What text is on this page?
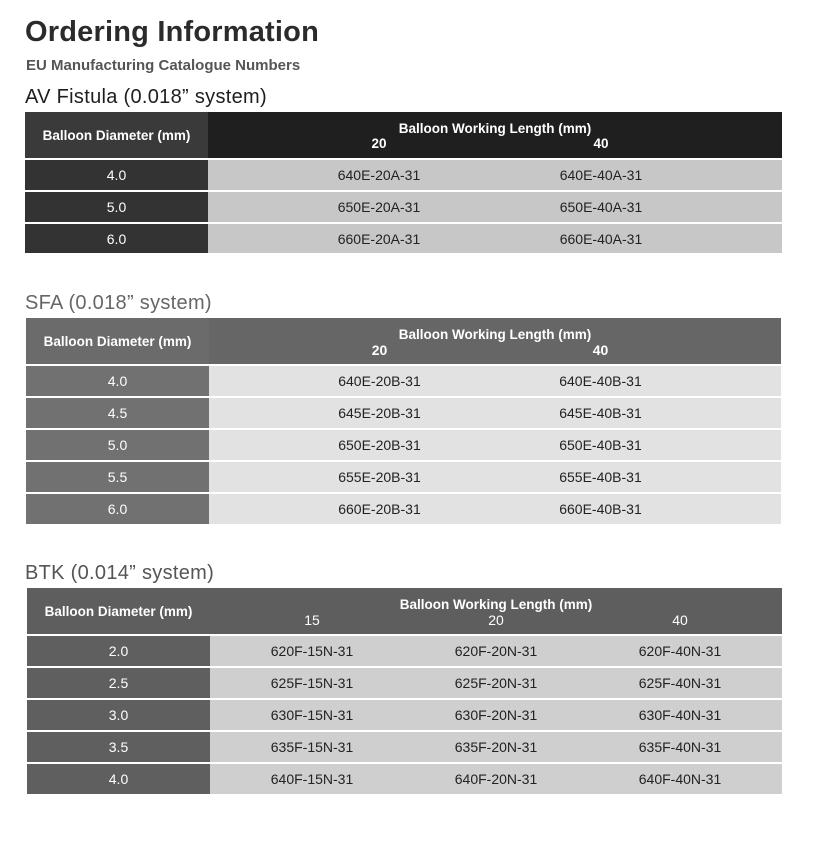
Ordering Information
EU Manufacturing Catalogue Numbers
AV Fistula (0.018” system)
Balloon Diameter (mm)	Balloon Working Length (mm)
20 40

4.0	640E-20A-31 640E-40A-31

5.0	650E-20A-31 650E-40A-31

6.0	660E-20A-31 660E-40A-31
SFA (0.018” system)
Balloon Diameter (mm)	Balloon Working Length (mm)
20 40

4.0	640E-20B-31 640E-40B-31

4.5	645E-20B-31 645E-40B-31

5.0	650E-20B-31 650E-40B-31

5.5	655E-20B-31 655E-40B-31

6.0	660E-20B-31 660E-40B-31
BTK (0.014” system)
Balloon Diameter (mm)	Balloon Working Length (mm)
15 20 40

2.0	620F-15N-31 620F-20N-31 620F-40N-31

2.5	625F-15N-31 625F-20N-31 625F-40N-31

3.0	630F-15N-31 630F-20N-31 630F-40N-31

3.5	635F-15N-31 635F-20N-31 635F-40N-31

4.0	640F-15N-31 640F-20N-31 640F-40N-31
